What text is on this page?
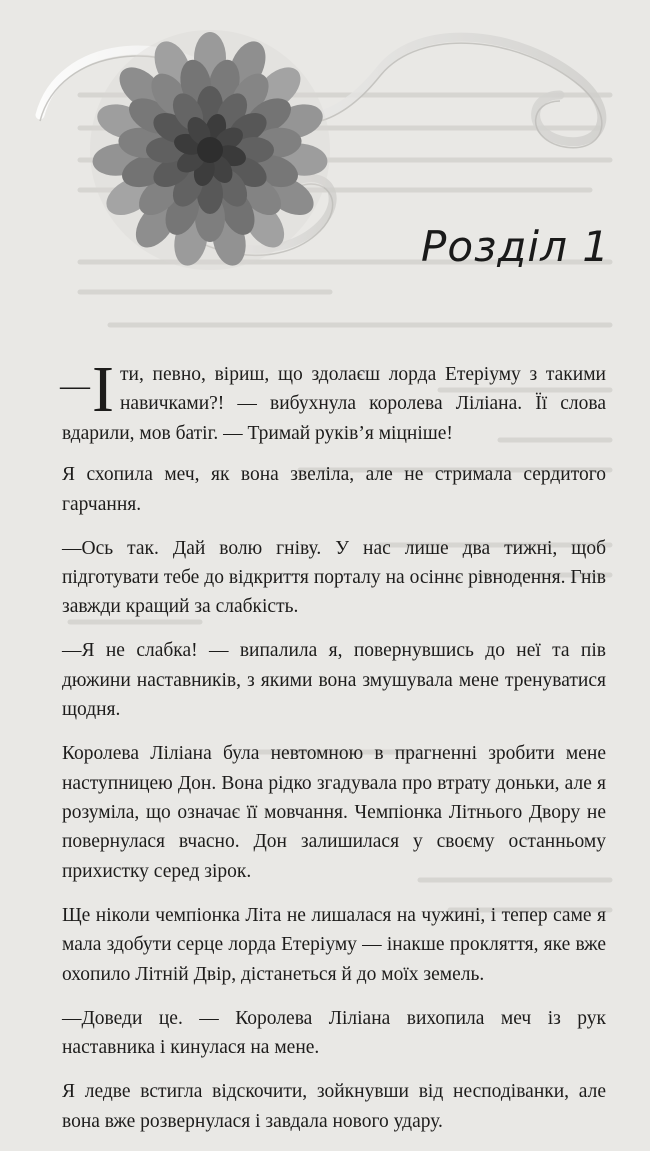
Розділ 1

— І ти, певно, віриш, що здолаєш лорда Етеріуму з такими навичками?! — вибухнула королева Ліліана. Її слова вдарили, мов батіг. — Тримай руків’я міцніше!

Я схопила меч, як вона звеліла, але не стримала сердитого гарчання.

—Ось так. Дай волю гніву. У нас лише два тижні, щоб підготувати тебе до відкриття порталу на осіннє рівнодення. Гнів завжди кращий за слабкість.

—Я не слабка! — випалила я, повернувшись до неї та пів дюжини наставників, з якими вона змушувала мене тренуватися щодня.

Королева Ліліана була невтомною в прагненні зробити мене наступницею Дон. Вона рідко згадувала про втрату доньки, але я розуміла, що означає її мовчання. Чемпіонка Літнього Двору не повернулася вчасно. Дон залишилася у своєму останньому прихистку серед зірок.

Ще ніколи чемпіонка Літа не лишалася на чужині, і тепер саме я мала здобути серце лорда Етеріуму — інакше прокляття, яке вже охопило Літній Двір, дістанеться й до моїх земель.

—Доведи це. — Королева Ліліана вихопила меч із рук наставника і кинулася на мене.

Я ледве встигла відскочити, зойкнувши від несподіванки, але вона вже розвернулася і завдала нового удару.
